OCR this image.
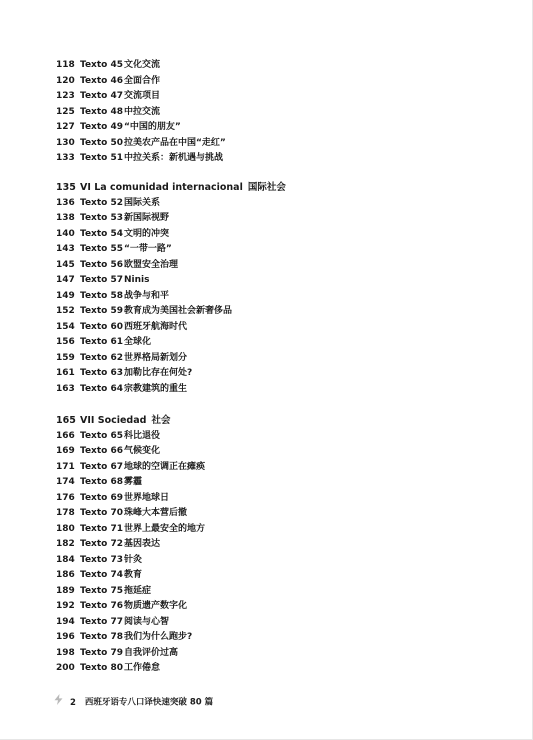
118 Texto 45文化交流
120 Texto 46全面合作
123 Texto 47交流项目
125 Texto 48中拉交流
127 Texto 49“中国的朋友”
130 Texto 50拉美农产品在中国“走红”
133 Texto 51中拉关系：新机遇与挑战
135 VI La comunidad internacional 国际社会
136 Texto 52国际关系
138 Texto 53新国际视野
140 Texto 54文明的冲突
143 Texto 55“一带一路”
145 Texto 56欧盟安全治理
147 Texto 57Ninis
149 Texto 58战争与和平
152 Texto 59教育成为美国社会新奢侈品
154 Texto 60西班牙航海时代
156 Texto 61全球化
159 Texto 62世界格局新划分
161 Texto 63加勒比存在何处?
163 Texto 64宗教建筑的重生
165 VII Sociedad 社会
166 Texto 65科比退役
169 Texto 66气候变化
171 Texto 67地球的空调正在瘫痪
174 Texto 68雾霾
176 Texto 69世界地球日
178 Texto 70珠峰大本营后撤
180 Texto 71世界上最安全的地方
182 Texto 72基因表达
184 Texto 73针灸
186 Texto 74教育
189 Texto 75拖延症
192 Texto 76物质遗产数字化
194 Texto 77阅读与心智
196 Texto 78我们为什么跑步?
198 Texto 79自我评价过高
200 Texto 80工作倦怠
2 西班牙语专八口译快速突破 80 篇
